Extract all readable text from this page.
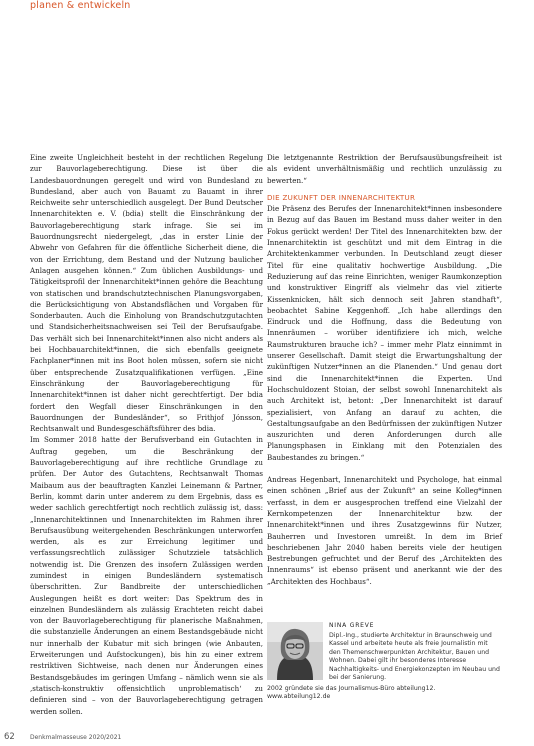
planen & entwickeln

Eine zweite Ungleichheit besteht in der rechtlichen Regelung zur Bauvorlageberechtigung. Diese ist über die Landesbauordnungen geregelt und wird von Bundesland zu Bundesland, aber auch von Bauamt zu Bauamt in ihrer Reichweite sehr unterschiedlich ausgelegt. Der Bund Deutscher Innenarchitekten e. V. (bdia) stellt die Einschränkung der Bauvorlageberechtigung stark infrage. Sie sei im Bauordnungsrecht niedergelegt, „das in erster Linie der Abwehr von Gefahren für die öffentliche Sicherheit diene, die von der Errichtung, dem Bestand und der Nutzung baulicher Anlagen ausgehen können.“ Zum üblichen Ausbildungs- und Tätigkeitsprofil der Innenarchitekt*innen gehöre die Beachtung von statischen und brandschutztechnischen Planungsvorgaben, die Berücksichtigung von Abstandsflächen und Vorgaben für Sonderbauten. Auch die Einholung von Brandschutzgutachten und Standsicherheitsnachweisen sei Teil der Berufsaufgabe. Das verhält sich bei Innenarchitekt*innen also nicht anders als bei Hochbauarchitekt*innen, die sich ebenfalls geeignete Fachplaner*innen mit ins Boot holen müssen, sofern sie nicht über entsprechende Zusatzqualifikationen verfügen. „Eine Einschränkung der Bauvorlageberechtigung für Innenarchitekt*innen ist daher nicht gerechtfertigt. Der bdia fordert den Wegfall dieser Einschränkungen in den Bauordnungen der Bundesländer“, so Frithjof Jónsson, Rechtsanwalt und Bundesgeschäftsführer des bdia.

Im Sommer 2018 hatte der Berufsverband ein Gutachten in Auftrag gegeben, um die Beschränkung der Bauvorlageberechtigung auf ihre rechtliche Grundlage zu prüfen. Der Autor des Gutachtens, Rechtsanwalt Thomas Maibaum aus der beauftragten Kanzlei Leinemann & Partner, Berlin, kommt darin unter anderem zu dem Ergebnis, dass es weder sachlich gerechtfertigt noch rechtlich zulässig ist, dass: „Innenarchitektinnen und Innenarchitekten im Rahmen ihrer Berufsausübung weitergehenden Beschränkungen unterworfen werden, als es zur Erreichung legitimer und verfassungsrechtlich zulässiger Schutzziele tatsächlich notwendig ist. Die Grenzen des insofern Zulässigen werden zumindest in einigen Bundesländern systematisch überschritten. Zur Bandbreite der unterschiedlichen Auslegungen heißt es dort weiter: Das Spektrum des in einzelnen Bundesländern als zulässig Erachteten reicht dabei von der Bauvorlageberechtigung für planerische Maßnahmen, die substanzielle Änderungen an einem Bestandsgebäude nicht nur innerhalb der Kubatur mit sich bringen (wie Anbauten, Erweiterungen und Aufstockungen), bis hin zu einer extrem restriktiven Sichtweise, nach denen nur Änderungen eines Bestandsgebäudes im geringen Umfang – nämlich wenn sie als ‚statisch-konstruktiv offensichtlich unproblematisch‘ zu definieren sind – von der Bauvorlageberechtigung getragen werden sollen.

Die letztgenannte Restriktion der Berufsausübungsfreiheit ist als evident unverhältnismäßig und rechtlich unzulässig zu bewerten.“

DIE ZUKUNFT DER INNENARCHITEKTUR

Die Präsenz des Berufes der Innenarchitekt*innen insbesondere in Bezug auf das Bauen im Bestand muss daher weiter in den Fokus gerückt werden! Der Titel des Innenarchitekten bzw. der Innenarchitektin ist geschützt und mit dem Eintrag in die Architektenkammer verbunden. In Deutschland zeugt dieser Titel für eine qualitativ hochwertige Ausbildung. „Die Reduzierung auf das reine Einrichten, weniger Raumkonzeption und konstruktiver Eingriff als vielmehr das viel zitierte Kissenknicken, hält sich dennoch seit Jahren standhaft“, beobachtet Sabine Keggenhoff. „Ich habe allerdings den Eindruck und die Hoffnung, dass die Bedeutung von Innenräumen – worüber identifiziere ich mich, welche Raumstrukturen brauche ich? – immer mehr Platz einnimmt in unserer Gesellschaft. Damit steigt die Erwartungshaltung der zukünftigen Nutzer*innen an die Planenden.“ Und genau dort sind die Innenarchitekt*innen die Experten. Und Hochschuldozent Stoian, der selbst sowohl Innenarchitekt als auch Architekt ist, betont: „Der Innenarchitekt ist darauf spezialisiert, von Anfang an darauf zu achten, die Gestaltungsaufgabe an den Bedürfnissen der zukünftigen Nutzer auszurichten und deren Anforderungen durch alle Planungsphasen in Einklang mit den Potenzialen des Baubestandes zu bringen.“

Andreas Hegenbart, Innenarchitekt und Psychologe, hat einmal einen schönen „Brief aus der Zukunft“ an seine Kolleg*innen verfasst, in dem er ausgesprochen treffend eine Vielzahl der Kernkompetenzen der Innenarchitektur bzw. der Innenarchitekt*innen und ihres Zusatzgewinns für Nutzer, Bauherren und Investoren umreißt. In dem im Brief beschriebenen Jahr 2040 haben bereits viele der heutigen Bestrebungen gefruchtet und der Beruf des „Architekten des Innenraums“ ist ebenso präsent und anerkannt wie der des „Architekten des Hochbaus“.

NINA GREVE
Dipl.-Ing., studierte Architektur in Braunschweig und Kassel und arbeitete heute als freie Journalistin mit den Themenschwerpunkten Architektur, Bauen und Wohnen. Dabei gilt ihr besonderes Interesse Nachhaltigkeits- und Energiekonzepten im Neubau und bei der Sanierung.
2002 gründete sie das Journalismus-Büro abteilung12.
www.abteilung12.de
62	Denkmalmasseuse 2020/2021
